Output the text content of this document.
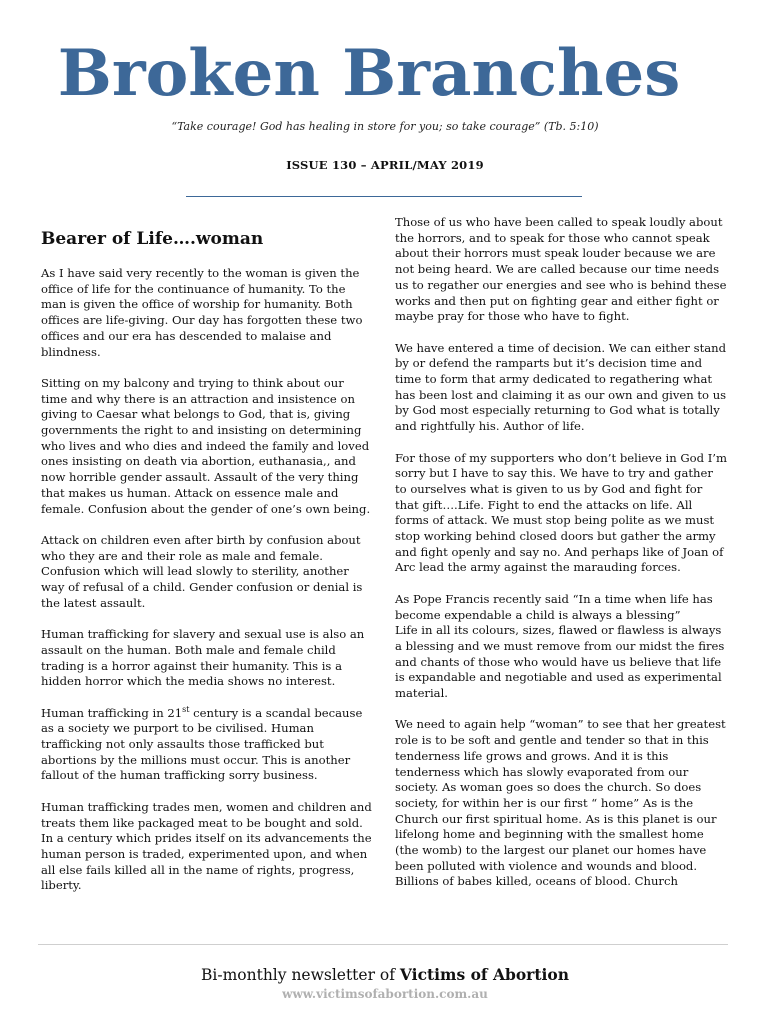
Broken Branches
“Take courage! God has healing in store for you; so take courage” (Tb. 5:10)
ISSUE 130 – APRIL/MAY 2019
Bearer of Life….woman

As I have said very recently to the woman is given the office of life for the continuance of humanity. To the man is given the office of worship for humanity. Both offices are life-giving. Our day has forgotten these two offices and our era has descended to malaise and blindness.

Sitting on my balcony and trying to think about our time and why there is an attraction and insistence on giving to Caesar what belongs to God, that is, giving governments the right to and insisting on determining who lives and who dies and indeed the family and loved ones insisting on death via abortion, euthanasia,, and now horrible gender assault. Assault of the very thing that makes us human. Attack on essence male and female. Confusion about the gender of one’s own being.

Attack on children even after birth by confusion about who they are and their role as male and female. Confusion which will lead slowly to sterility, another way of refusal of a child. Gender confusion or denial is the latest assault.

Human trafficking for slavery and sexual use is also an assault on the human. Both male and female child trading is a horror against their humanity. This is a hidden horror which the media shows no interest.

Human trafficking in 21st century is a scandal because as a society we purport to be civilised. Human trafficking not only assaults those trafficked but abortions by the millions must occur. This is another fallout of the human trafficking sorry business.

Human trafficking trades men, women and children and treats them like packaged meat to be bought and sold. In a century which prides itself on its advancements the human person is traded, experimented upon, and when all else fails killed all in the name of rights, progress, liberty.

Those of us who have been called to speak loudly about the horrors, and to speak for those who cannot speak about their horrors must speak louder because we are not being heard. We are called because our time needs us to regather our energies and see who is behind these works and then put on fighting gear and either fight or maybe pray for those who have to fight.

We have entered a time of decision. We can either stand by or defend the ramparts but it’s decision time and time to form that army dedicated to regathering what has been lost and claiming it as our own and given to us by God most especially returning to God what is totally and rightfully his. Author of life.

For those of my supporters who don’t believe in God I’m sorry but I have to say this. We have to try and gather to ourselves what is given to us by God and fight for that gift….Life. Fight to end the attacks on life. All forms of attack. We must stop being polite as we must stop working behind closed doors but gather the army and fight openly and say no. And perhaps like of Joan of Arc lead the army against the marauding forces.

As Pope Francis recently said “In a time when life has become expendable a child is always a blessing”
Life in all its colours, sizes, flawed or flawless is always a blessing and we must remove from our midst the fires and chants of those who would have us believe that life is expandable and negotiable and used as experimental material.

We need to again help “woman” to see that her greatest role is to be soft and gentle and tender so that in this tenderness life grows and grows. And it is this tenderness which has slowly evaporated from our society. As woman goes so does the church. So does society, for within her is our first “ home” As is the Church our first spiritual home. As is this planet is our lifelong home and beginning with the smallest home (the womb) to the largest our planet our homes have been polluted with violence and wounds and blood. Billions of babes killed, oceans of blood. Church

Bi-monthly newsletter of Victims of Abortion
www.victimsofabortion.com.au
